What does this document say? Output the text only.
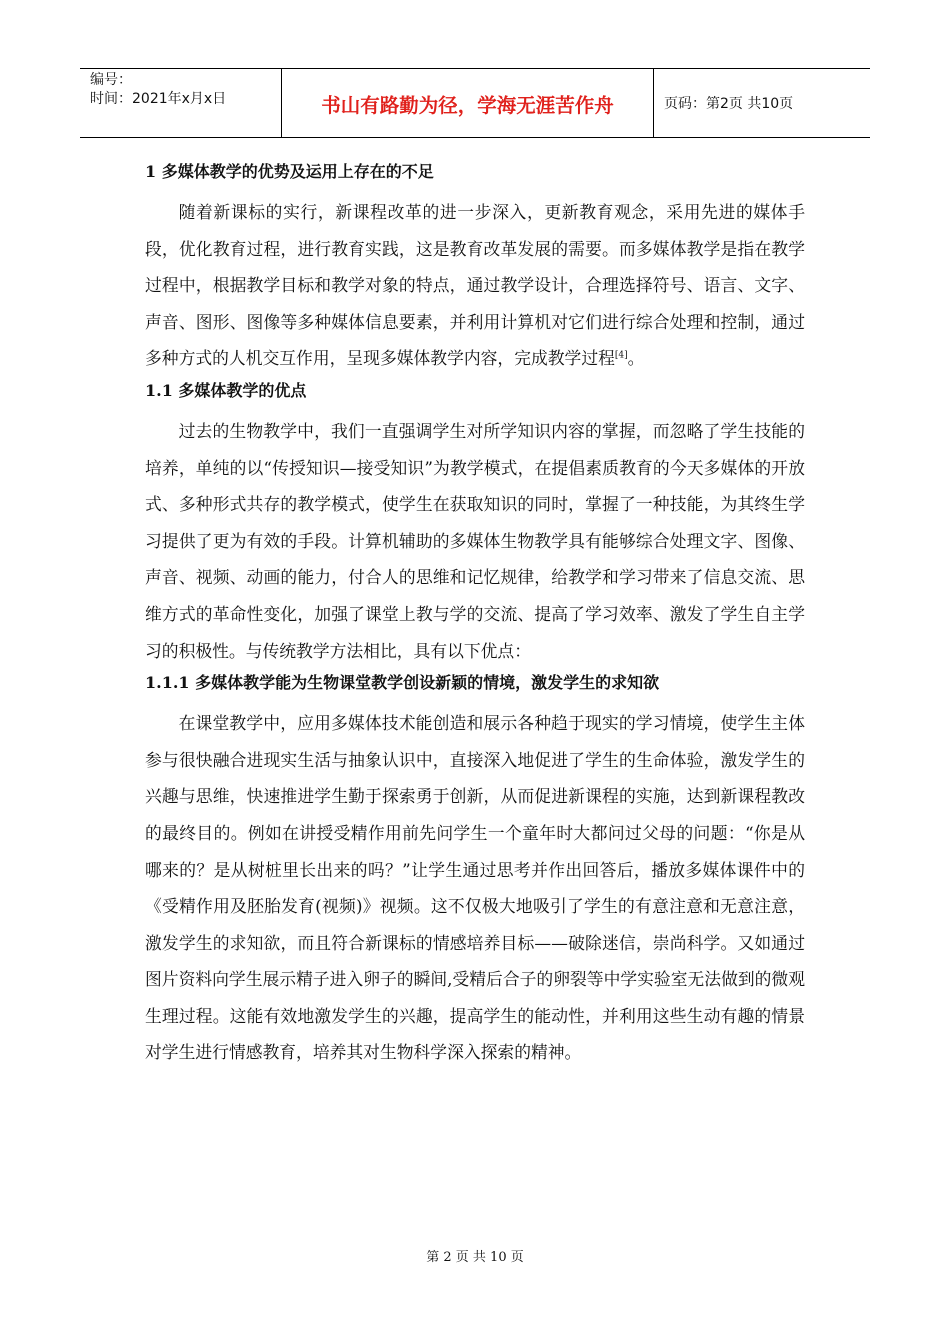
编号：
时间：2021年x月x日	书山有路勤为径，学海无涯苦作舟	页码：第2页 共10页

1 多媒体教学的优势及运用上存在的不足

随着新课标的实行，新课程改革的进一步深入，更新教育观念，采用先进的媒体手段，优化教育过程，进行教育实践，这是教育改革发展的需要。而多媒体教学是指在教学过程中，根据教学目标和教学对象的特点，通过教学设计，合理选择符号、语言、文字、声音、图形、图像等多种媒体信息要素，并利用计算机对它们进行综合处理和控制，通过多种方式的人机交互作用，呈现多媒体教学内容，完成教学过程[4]。

1.1 多媒体教学的优点

过去的生物教学中，我们一直强调学生对所学知识内容的掌握，而忽略了学生技能的培养，单纯的以“传授知识—接受知识”为教学模式，在提倡素质教育的今天多媒体的开放式、多种形式共存的教学模式，使学生在获取知识的同时，掌握了一种技能，为其终生学习提供了更为有效的手段。计算机辅助的多媒体生物教学具有能够综合处理文字、图像、声音、视频、动画的能力，付合人的思维和记忆规律，给教学和学习带来了信息交流、思维方式的革命性变化，加强了课堂上教与学的交流、提高了学习效率、激发了学生自主学习的积极性。与传统教学方法相比，具有以下优点：

1.1.1 多媒体教学能为生物课堂教学创设新颖的情境，激发学生的求知欲

在课堂教学中，应用多媒体技术能创造和展示各种趋于现实的学习情境，使学生主体参与很快融合进现实生活与抽象认识中，直接深入地促进了学生的生命体验，激发学生的兴趣与思维，快速推进学生勤于探索勇于创新，从而促进新课程的实施，达到新课程教改的最终目的。例如在讲授受精作用前先问学生一个童年时大都问过父母的问题：“你是从哪来的？是从树桩里长出来的吗？”让学生通过思考并作出回答后，播放多媒体课件中的《受精作用及胚胎发育(视频)》视频。这不仅极大地吸引了学生的有意注意和无意注意，激发学生的求知欲，而且符合新课标的情感培养目标——破除迷信，崇尚科学。又如通过图片资料向学生展示精子进入卵子的瞬间,受精后合子的卵裂等中学实验室无法做到的微观生理过程。这能有效地激发学生的兴趣，提高学生的能动性，并利用这些生动有趣的情景对学生进行情感教育，培养其对生物科学深入探索的精神。

第 2 页 共 10 页
